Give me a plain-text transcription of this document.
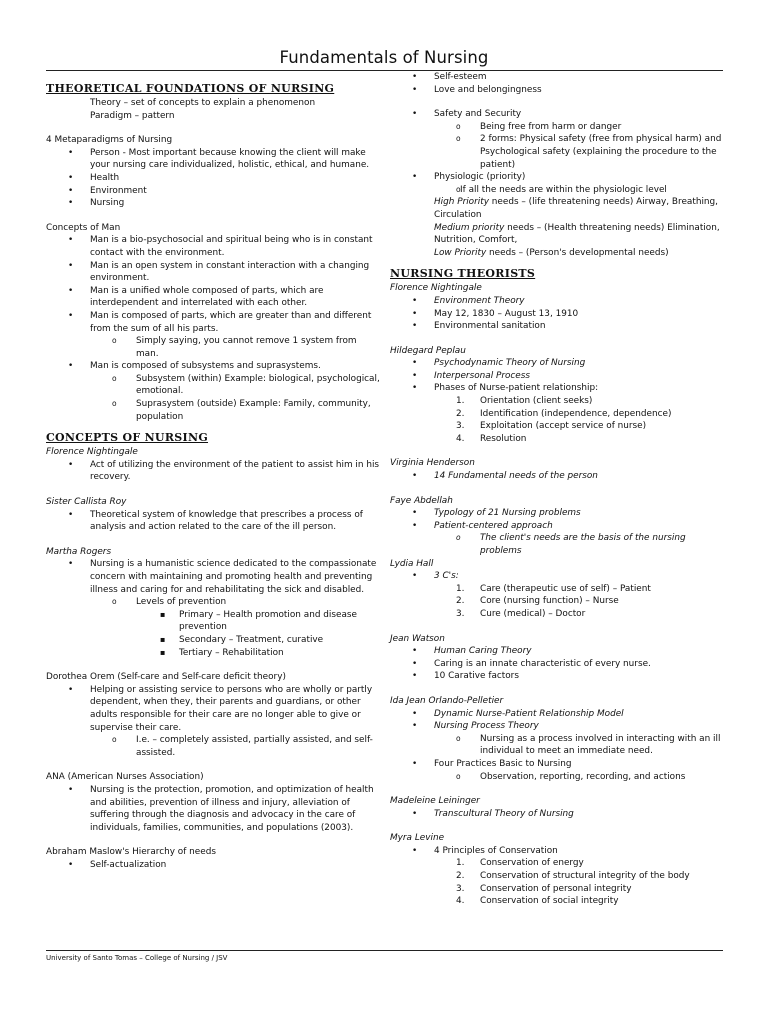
Fundamentals of Nursing
THEORETICAL FOUNDATIONS OF NURSING
Theory – set of concepts to explain a phenomenon
Paradigm – pattern
4 Metaparadigms of Nursing
• Person - Most important because knowing the client will make your nursing care individualized, holistic, ethical, and humane.
• Health
• Environment
• Nursing
Concepts of Man
• Man is a bio-psychosocial and spiritual being who is in constant contact with the environment.
• Man is an open system in constant interaction with a changing environment.
• Man is a unified whole composed of parts, which are interdependent and interrelated with each other.
• Man is composed of parts, which are greater than and different from the sum of all his parts.
o Simply saying, you cannot remove 1 system from man.
• Man is composed of subsystems and suprasystems.
o Subsystem (within) Example: biological, psychological, emotional.
o Suprasystem (outside) Example: Family, community, population
CONCEPTS OF NURSING
Florence Nightingale
• Act of utilizing the environment of the patient to assist him in his recovery.
Sister Callista Roy
• Theoretical system of knowledge that prescribes a process of analysis and action related to the care of the ill person.
Martha Rogers
• Nursing is a humanistic science dedicated to the compassionate concern with maintaining and promoting health and preventing illness and caring for and rehabilitating the sick and disabled.
o Levels of prevention
▪ Primary – Health promotion and disease prevention
▪ Secondary – Treatment, curative
▪ Tertiary – Rehabilitation
Dorothea Orem (Self-care and Self-care deficit theory)
• Helping or assisting service to persons who are wholly or partly dependent, when they, their parents and guardians, or other adults responsible for their care are no longer able to give or supervise their care.
o I.e. – completely assisted, partially assisted, and self-assisted.
ANA (American Nurses Association)
• Nursing is the protection, promotion, and optimization of health and abilities, prevention of illness and injury, alleviation of suffering through the diagnosis and advocacy in the care of individuals, families, communities, and populations (2003).
Abraham Maslow's Hierarchy of needs
• Self-actualization
• Self-esteem
• Love and belongingness
• Safety and Security
o Being free from harm or danger
o 2 forms: Physical safety (free from physical harm) and Psychological safety (explaining the procedure to the patient)
• Physiologic (priority)
o If all the needs are within the physiologic level
High Priority needs – (life threatening needs) Airway, Breathing, Circulation
Medium priority needs – (Health threatening needs) Elimination, Nutrition, Comfort,
Low Priority needs – (Person's developmental needs)
NURSING THEORISTS
Florence Nightingale
• Environment Theory
• May 12, 1830 – August 13, 1910
• Environmental sanitation
Hildegard Peplau
• Psychodynamic Theory of Nursing
• Interpersonal Process
• Phases of Nurse-patient relationship:
1. Orientation (client seeks)
2. Identification (independence, dependence)
3. Exploitation (accept service of nurse)
4. Resolution
Virginia Henderson
• 14 Fundamental needs of the person
Faye Abdellah
• Typology of 21 Nursing problems
• Patient-centered approach
o The client's needs are the basis of the nursing problems
Lydia Hall
• 3 C's:
1. Care (therapeutic use of self) – Patient
2. Core (nursing function) – Nurse
3. Cure (medical) – Doctor
Jean Watson
• Human Caring Theory
• Caring is an innate characteristic of every nurse.
• 10 Carative factors
Ida Jean Orlando-Pelletier
• Dynamic Nurse-Patient Relationship Model
• Nursing Process Theory
o Nursing as a process involved in interacting with an ill individual to meet an immediate need.
• Four Practices Basic to Nursing
o Observation, reporting, recording, and actions
Madeleine Leininger
• Transcultural Theory of Nursing
Myra Levine
• 4 Principles of Conservation
1. Conservation of energy
2. Conservation of structural integrity of the body
3. Conservation of personal integrity
4. Conservation of social integrity
University of Santo Tomas – College of Nursing / JSV
